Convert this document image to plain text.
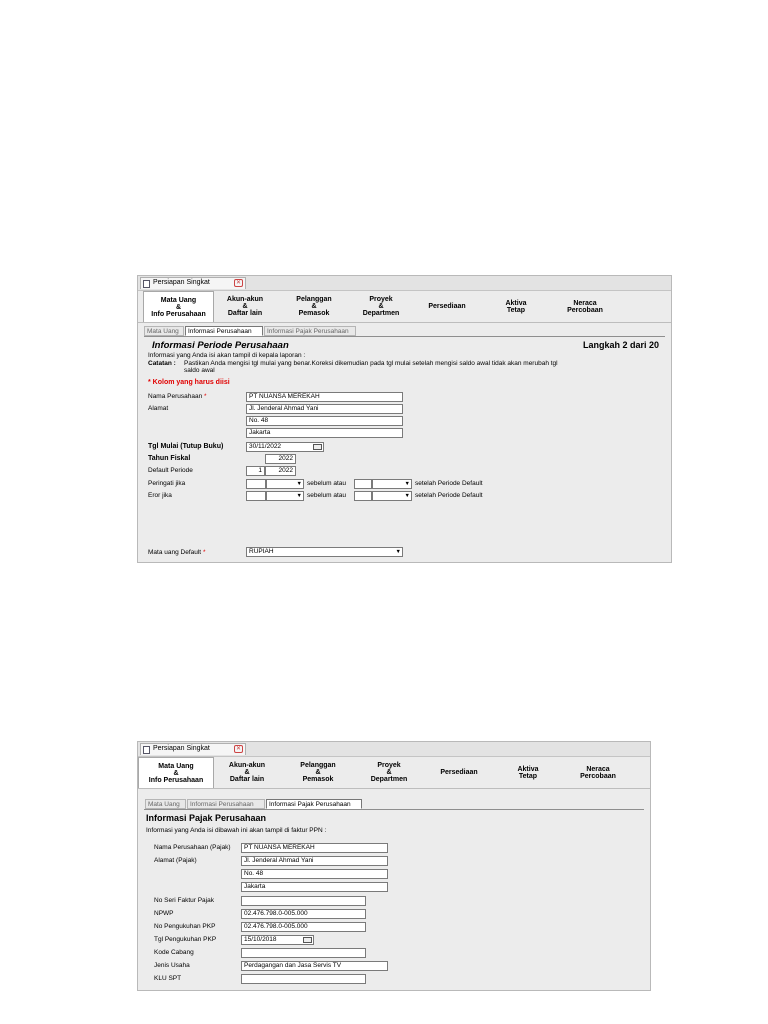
Persiapan Singkat	✕
Mata Uang
&
Info Perusahaan
Akun-akun
&
Daftar lain
Pelanggan
&
Pemasok
Proyek
&
Departmen
Persediaan	Aktiva
Tetap
Neraca
Percobaan
Mata Uang	Informasi Perusahaan	Informasi Pajak Perusahaan
Informasi Periode Perusahaan	Langkah 2 dari 20
Informasi yang Anda isi akan tampil di kepala laporan :
Catatan : Pastikan Anda mengisi tgl mulai yang benar.Koreksi dikemudian pada tgl mulai setelah mengisi saldo awal tidak akan merubah tgl
saldo awal
* Kolom yang harus diisi
Nama Perusahaan *	PT NUANSA MEREKAH
Alamat	Jl. Jenderal Ahmad Yani
No. 48
Jakarta
Tgl Mulai (Tutup Buku)	30/11/2022
Tahun Fiskal	2022
Default Periode	1	2022
Peringati jika	▼ sebelum atau	▼ setelah Periode Default
Eror jika	▼ sebelum atau	▼ setelah Periode Default
Mata uang Default *	RUPIAH	▼
Persiapan Singkat	✕
Mata Uang
&
Info Perusahaan
Akun-akun
&
Daftar lain
Pelanggan
&
Pemasok
Proyek
&
Departmen
Persediaan	Aktiva
Tetap
Neraca
Percobaan
Mata Uang	Informasi Perusahaan	Informasi Pajak Perusahaan
Informasi Pajak Perusahaan
Informasi yang Anda isi dibawah ini akan tampil di faktur PPN :
Nama Perusahaan (Pajak)	PT NUANSA MEREKAH
Alamat (Pajak)	Jl. Jenderal Ahmad Yani
No. 48
Jakarta
No Seri Faktur Pajak
NPWP	02.476.798.0-005.000
No Pengukuhan PKP	02.476.798.0-005.000
Tgl Pengukuhan PKP	15/10/2018
Kode Cabang
Jenis Usaha	Perdagangan dan Jasa Servis TV
KLU SPT
